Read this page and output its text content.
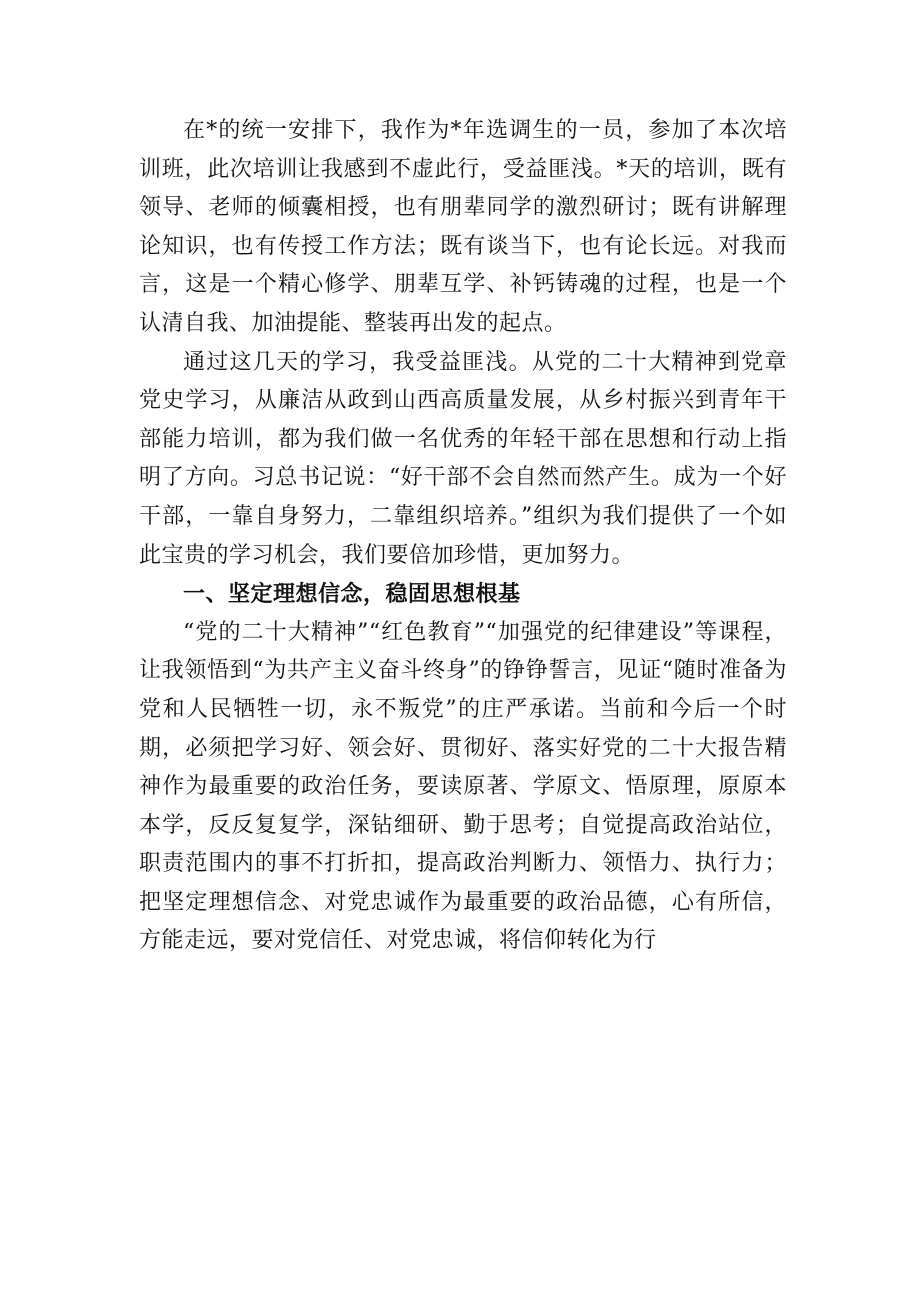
在*的统一安排下，我作为*年选调生的一员，参加了本次培训班，此次培训让我感到不虚此行，受益匪浅。*天的培训，既有领导、老师的倾囊相授，也有朋辈同学的激烈研讨；既有讲解理论知识，也有传授工作方法；既有谈当下，也有论长远。对我而言，这是一个精心修学、朋辈互学、补钙铸魂的过程，也是一个认清自我、加油提能、整装再出发的起点。

通过这几天的学习，我受益匪浅。从党的二十大精神到党章党史学习，从廉洁从政到山西高质量发展，从乡村振兴到青年干部能力培训，都为我们做一名优秀的年轻干部在思想和行动上指明了方向。习总书记说：“好干部不会自然而然产生。成为一个好干部，一靠自身努力，二靠组织培养。”组织为我们提供了一个如此宝贵的学习机会，我们要倍加珍惜，更加努力。

一、坚定理想信念，稳固思想根基

“党的二十大精神”“红色教育”“加强党的纪律建设”等课程，让我领悟到“为共产主义奋斗终身”的铮铮誓言，见证“随时准备为党和人民牺牲一切，永不叛党”的庄严承诺。当前和今后一个时期，必须把学习好、领会好、贯彻好、落实好党的二十大报告精神作为最重要的政治任务，要读原著、学原文、悟原理，原原本本学，反反复复学，深钻细研、勤于思考；自觉提高政治站位，职责范围内的事不打折扣，提高政治判断力、领悟力、执行力；把坚定理想信念、对党忠诚作为最重要的政治品德，心有所信，方能走远，要对党信任、对党忠诚，将信仰转化为行
